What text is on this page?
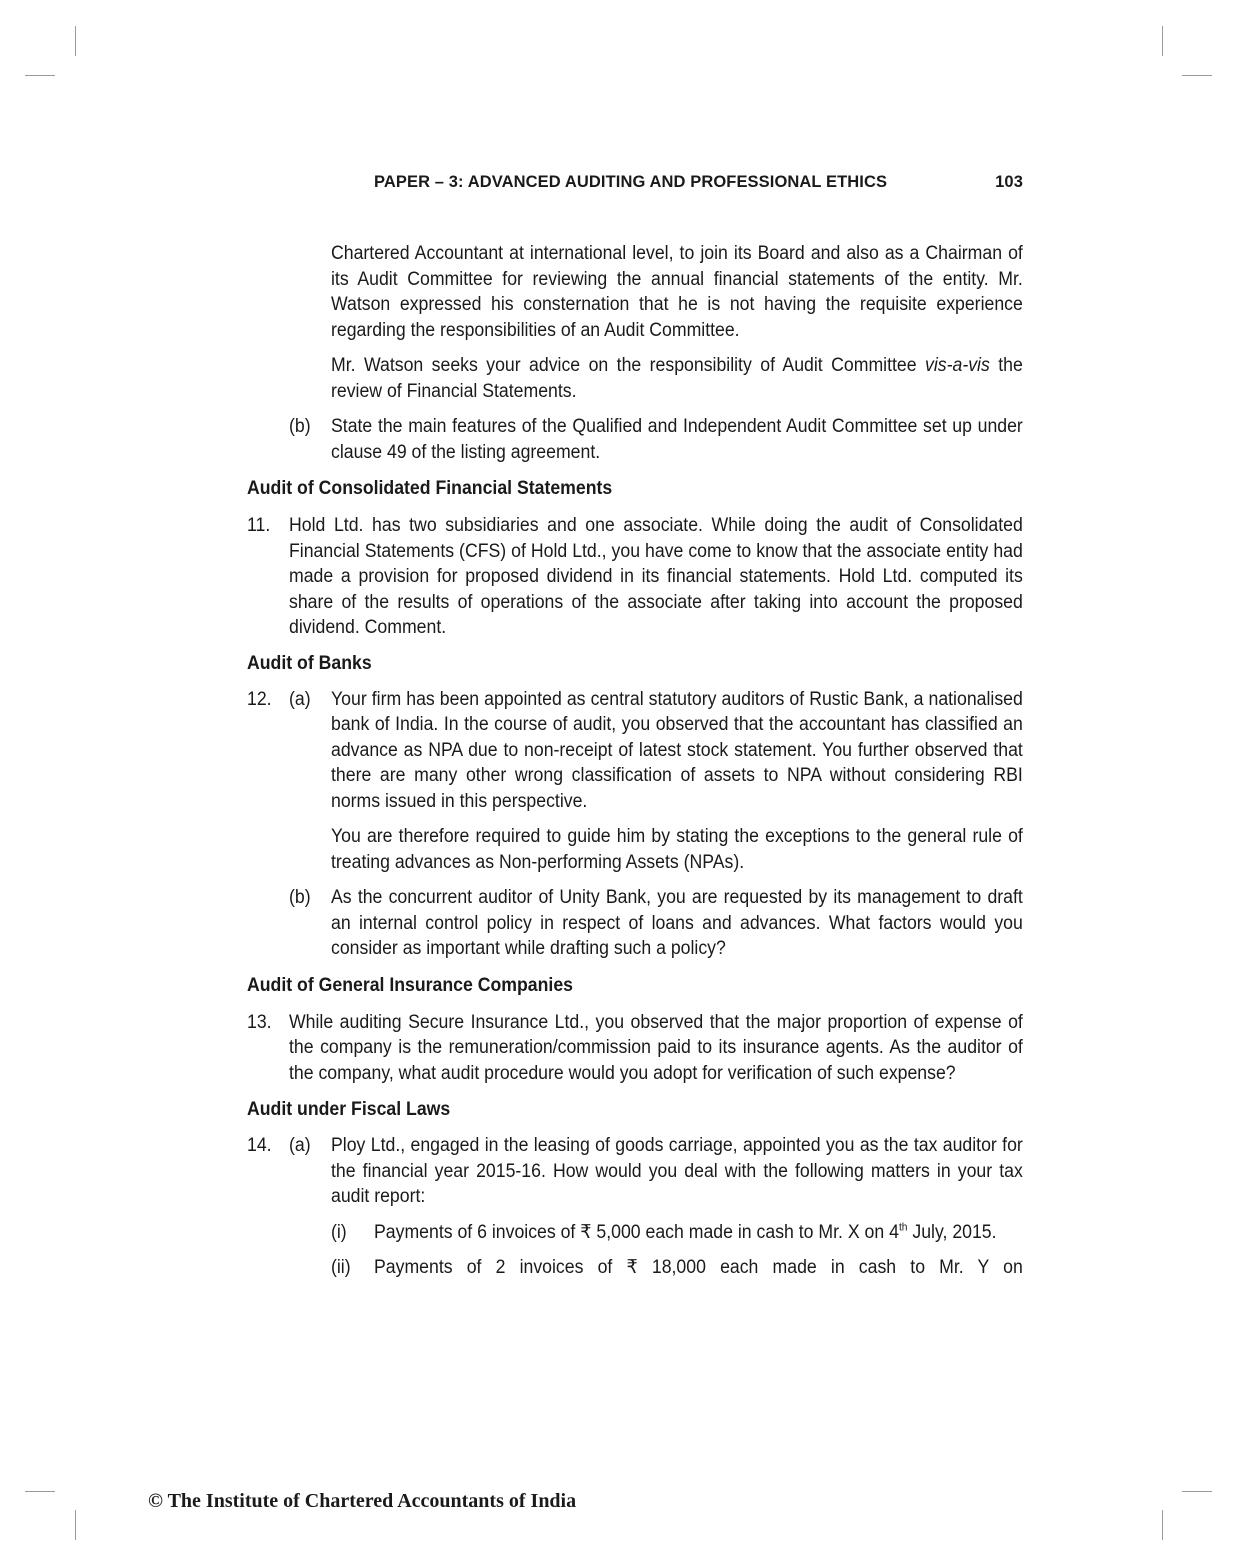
PAPER – 3: ADVANCED AUDITING AND PROFESSIONAL ETHICS	103

Chartered Accountant at international level, to join its Board and also as a Chairman of its Audit Committee for reviewing the annual financial statements of the entity. Mr. Watson expressed his consternation that he is not having the requisite experience regarding the responsibilities of an Audit Committee.

Mr. Watson seeks your advice on the responsibility of Audit Committee vis-a-vis the review of Financial Statements.

(b) State the main features of the Qualified and Independent Audit Committee set up under clause 49 of the listing agreement.

Audit of Consolidated Financial Statements

11. Hold Ltd. has two subsidiaries and one associate. While doing the audit of Consolidated Financial Statements (CFS) of Hold Ltd., you have come to know that the associate entity had made a provision for proposed dividend in its financial statements. Hold Ltd. computed its share of the results of operations of the associate after taking into account the proposed dividend. Comment.

Audit of Banks

12. (a) Your firm has been appointed as central statutory auditors of Rustic Bank, a nationalised bank of India. In the course of audit, you observed that the accountant has classified an advance as NPA due to non-receipt of latest stock statement. You further observed that there are many other wrong classification of assets to NPA without considering RBI norms issued in this perspective.

You are therefore required to guide him by stating the exceptions to the general rule of treating advances as Non-performing Assets (NPAs).

(b) As the concurrent auditor of Unity Bank, you are requested by its management to draft an internal control policy in respect of loans and advances. What factors would you consider as important while drafting such a policy?

Audit of General Insurance Companies

13. While auditing Secure Insurance Ltd., you observed that the major proportion of expense of the company is the remuneration/commission paid to its insurance agents. As the auditor of the company, what audit procedure would you adopt for verification of such expense?

Audit under Fiscal Laws

14. (a) Ploy Ltd., engaged in the leasing of goods carriage, appointed you as the tax auditor for the financial year 2015-16. How would you deal with the following matters in your tax audit report:

(i) Payments of 6 invoices of ₹ 5,000 each made in cash to Mr. X on 4th July, 2015.

(ii) Payments of 2 invoices of ₹ 18,000 each made in cash to Mr. Y on

© The Institute of Chartered Accountants of India
